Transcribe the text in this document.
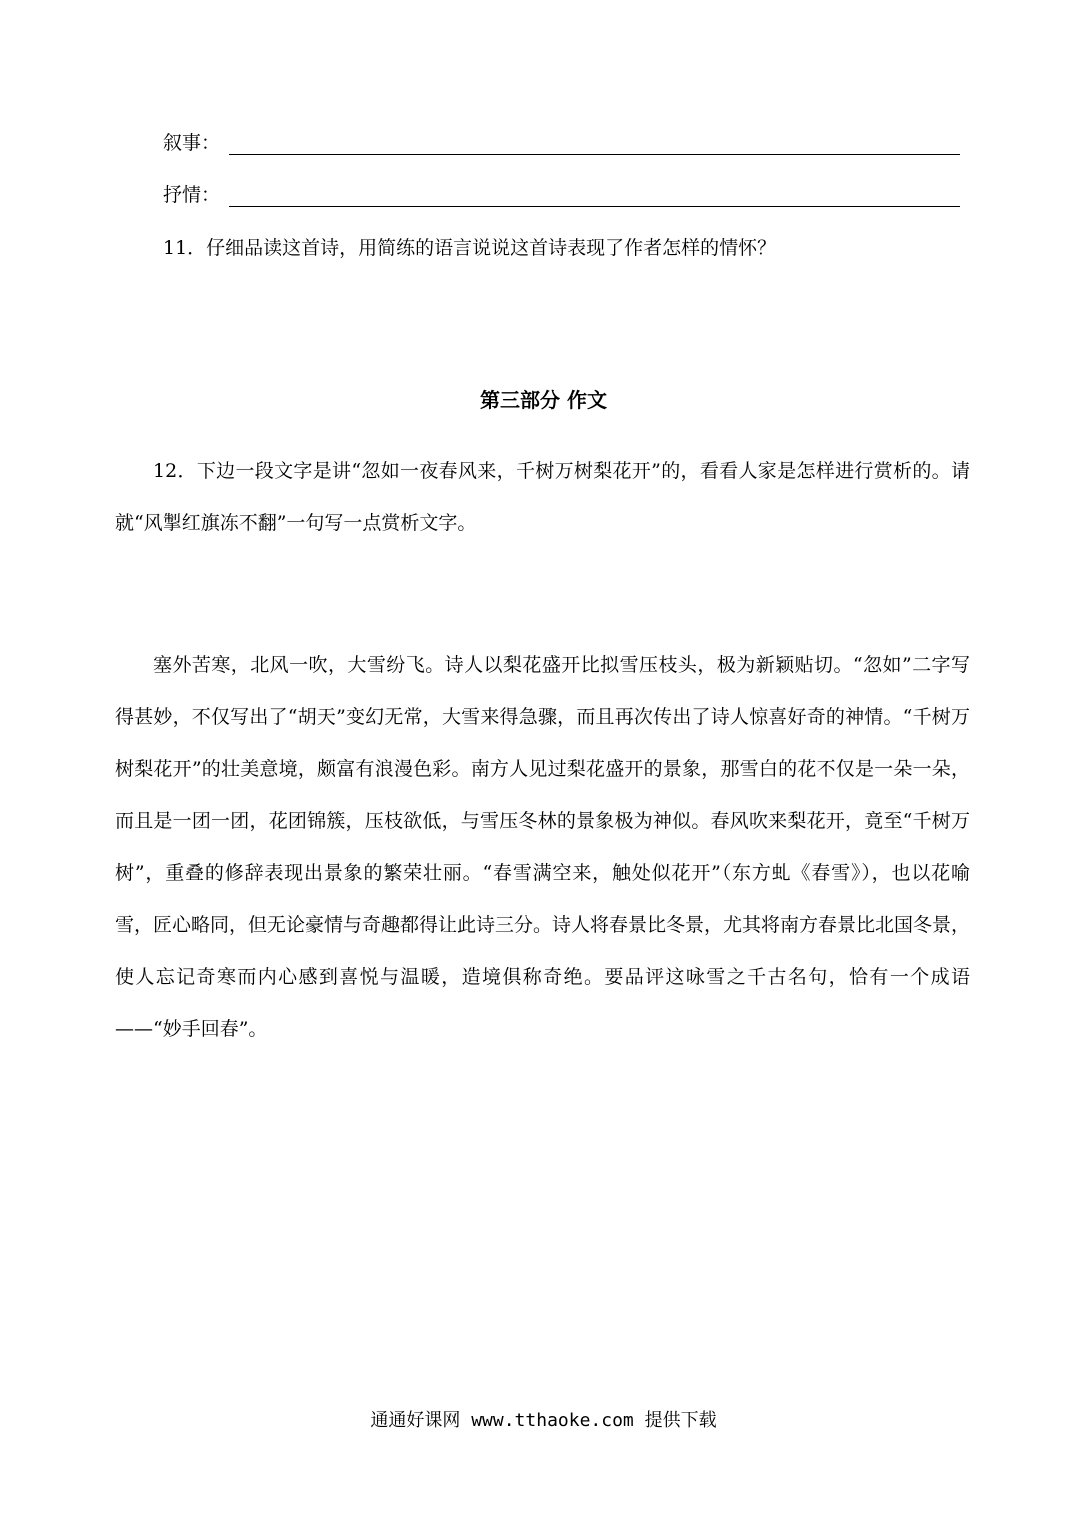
叙事：
抒情：
11．仔细品读这首诗，用简练的语言说说这首诗表现了作者怎样的情怀？
第三部分 作文

12．下边一段文字是讲“忽如一夜春风来，千树万树梨花开”的，看看人家是怎样进行赏析的。请就“风掣红旗冻不翻”一句写一点赏析文字。

塞外苦寒，北风一吹，大雪纷飞。诗人以梨花盛开比拟雪压枝头，极为新颖贴切。“忽如”二字写得甚妙，不仅写出了“胡天”变幻无常，大雪来得急骤，而且再次传出了诗人惊喜好奇的神情。“千树万树梨花开”的壮美意境，颇富有浪漫色彩。南方人见过梨花盛开的景象，那雪白的花不仅是一朵一朵，而且是一团一团，花团锦簇，压枝欲低，与雪压冬林的景象极为神似。春风吹来梨花开，竟至“千树万树”，重叠的修辞表现出景象的繁荣壮丽。“春雪满空来，触处似花开”（东方虬《春雪》），也以花喻雪，匠心略同，但无论豪情与奇趣都得让此诗三分。诗人将春景比冬景，尤其将南方春景比北国冬景，使人忘记奇寒而内心感到喜悦与温暖，造境俱称奇绝。要品评这咏雪之千古名句，恰有一个成语——“妙手回春”。

通通好课网 www.tthaoke.com 提供下载
